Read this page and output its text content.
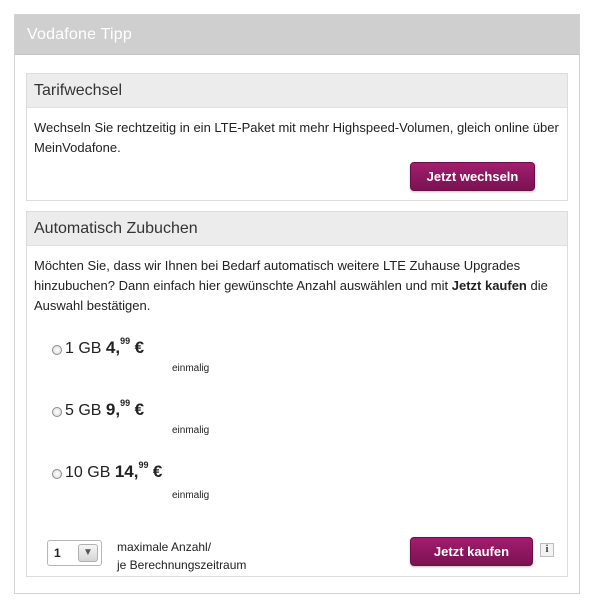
Vodafone Tipp
Tarifwechsel
Wechseln Sie rechtzeitig in ein LTE-Paket mit mehr Highspeed-Volumen, gleich online über MeinVodafone.
Jetzt wechseln
Automatisch Zubuchen
Möchten Sie, dass wir Ihnen bei Bedarf automatisch weitere LTE Zuhause Upgrades hinzubuchen? Dann einfach hier gewünschte Anzahl auswählen und mit Jetzt kaufen die Auswahl bestätigen.
1 GB 4,99 €
einmalig
5 GB 9,99 €
einmalig
10 GB 14,99 €
einmalig
1	▼	maximale Anzahl/
je Berechnungszeitraum
Jetzt kaufen	i
